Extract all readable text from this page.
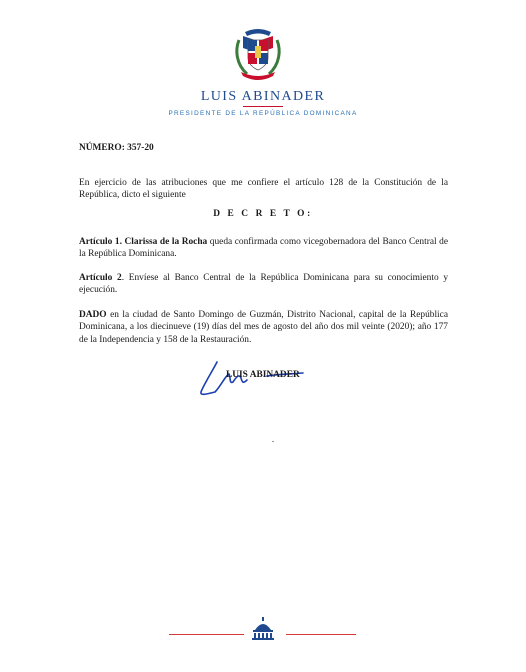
LUIS ABINADER
PRESIDENTE DE LA REPÚBLICA DOMINICANA
NÚMERO: 357-20
En ejercicio de las atribuciones que me confiere el artículo 128 de la Constitución de la República, dicto el siguiente
D E C R E T O:
Artículo 1. Clarissa de la Rocha queda confirmada como vicegobernadora del Banco Central de la República Dominicana.
Artículo 2. Envíese al Banco Central de la República Dominicana para su conocimiento y ejecución.
DADO en la ciudad de Santo Domingo de Guzmán, Distrito Nacional, capital de la República Dominicana, a los diecinueve (19) días del mes de agosto del año dos mil veinte (2020); año 177 de la Independencia y 158 de la Restauración.
LUIS ABINADER
